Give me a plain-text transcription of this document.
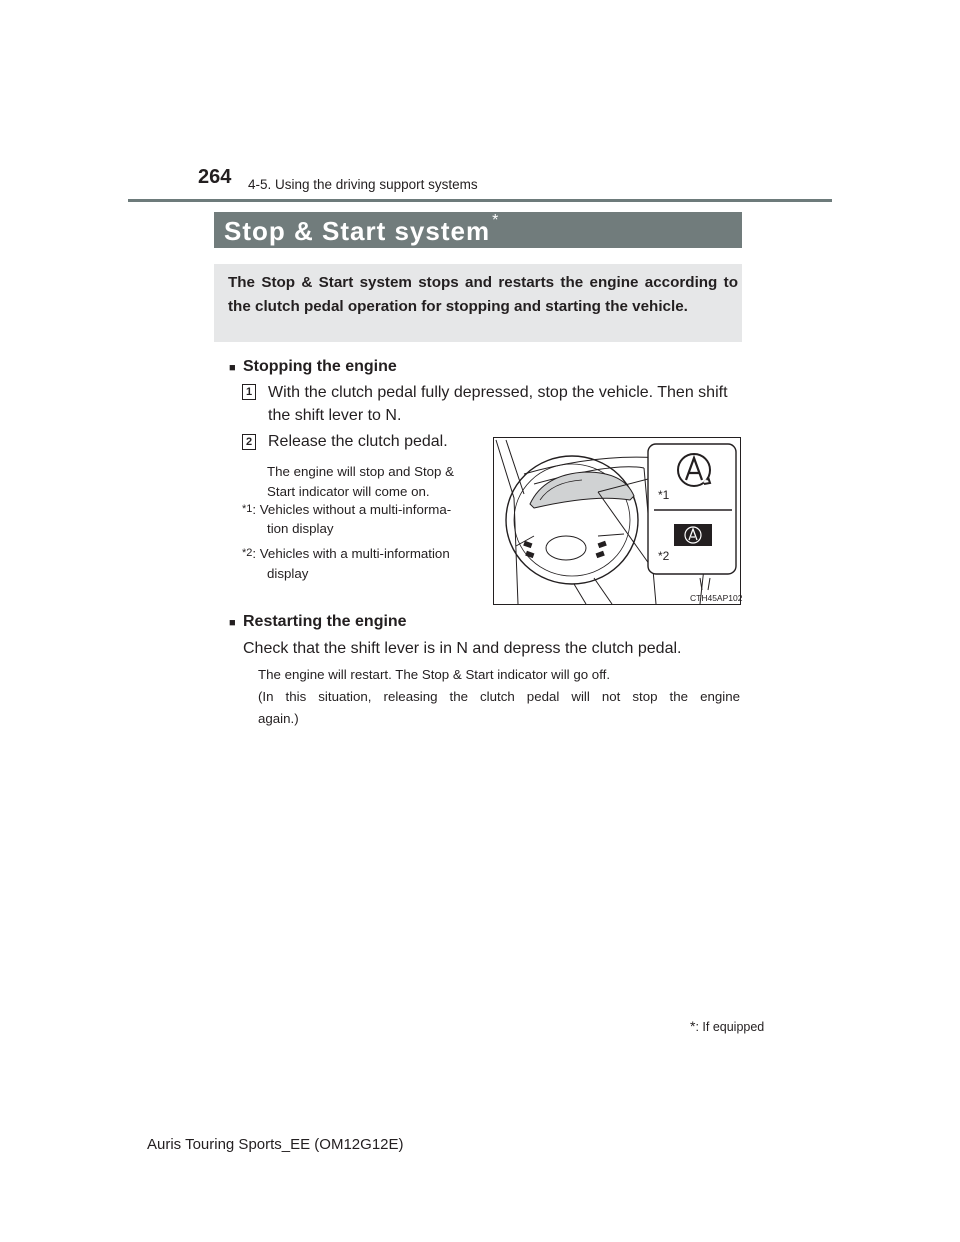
264 4-5. Using the driving support systems
Stop & Start system *
The Stop & Start system stops and restarts the engine according to the clutch pedal operation for stopping and starting the vehicle.
■ Stopping the engine
1 With the clutch pedal fully depressed, stop the vehicle. Then shift
the shift lever to N.
2 Release the clutch pedal.
The engine will stop and Stop &
Start indicator will come on.
$^{*1}$: Vehicles without a multi-informa-
tion display
$^{*2}$: Vehicles with a multi-information
display
*1
*2
CTH45AP102
■ Restarting the engine
Check that the shift lever is in N and depress the clutch pedal.
The engine will restart. The Stop & Start indicator will go off.
(In this situation, releasing the clutch pedal will not stop the engine
again.)
*: If equipped
Auris Touring Sports_EE (OM12G12E)
